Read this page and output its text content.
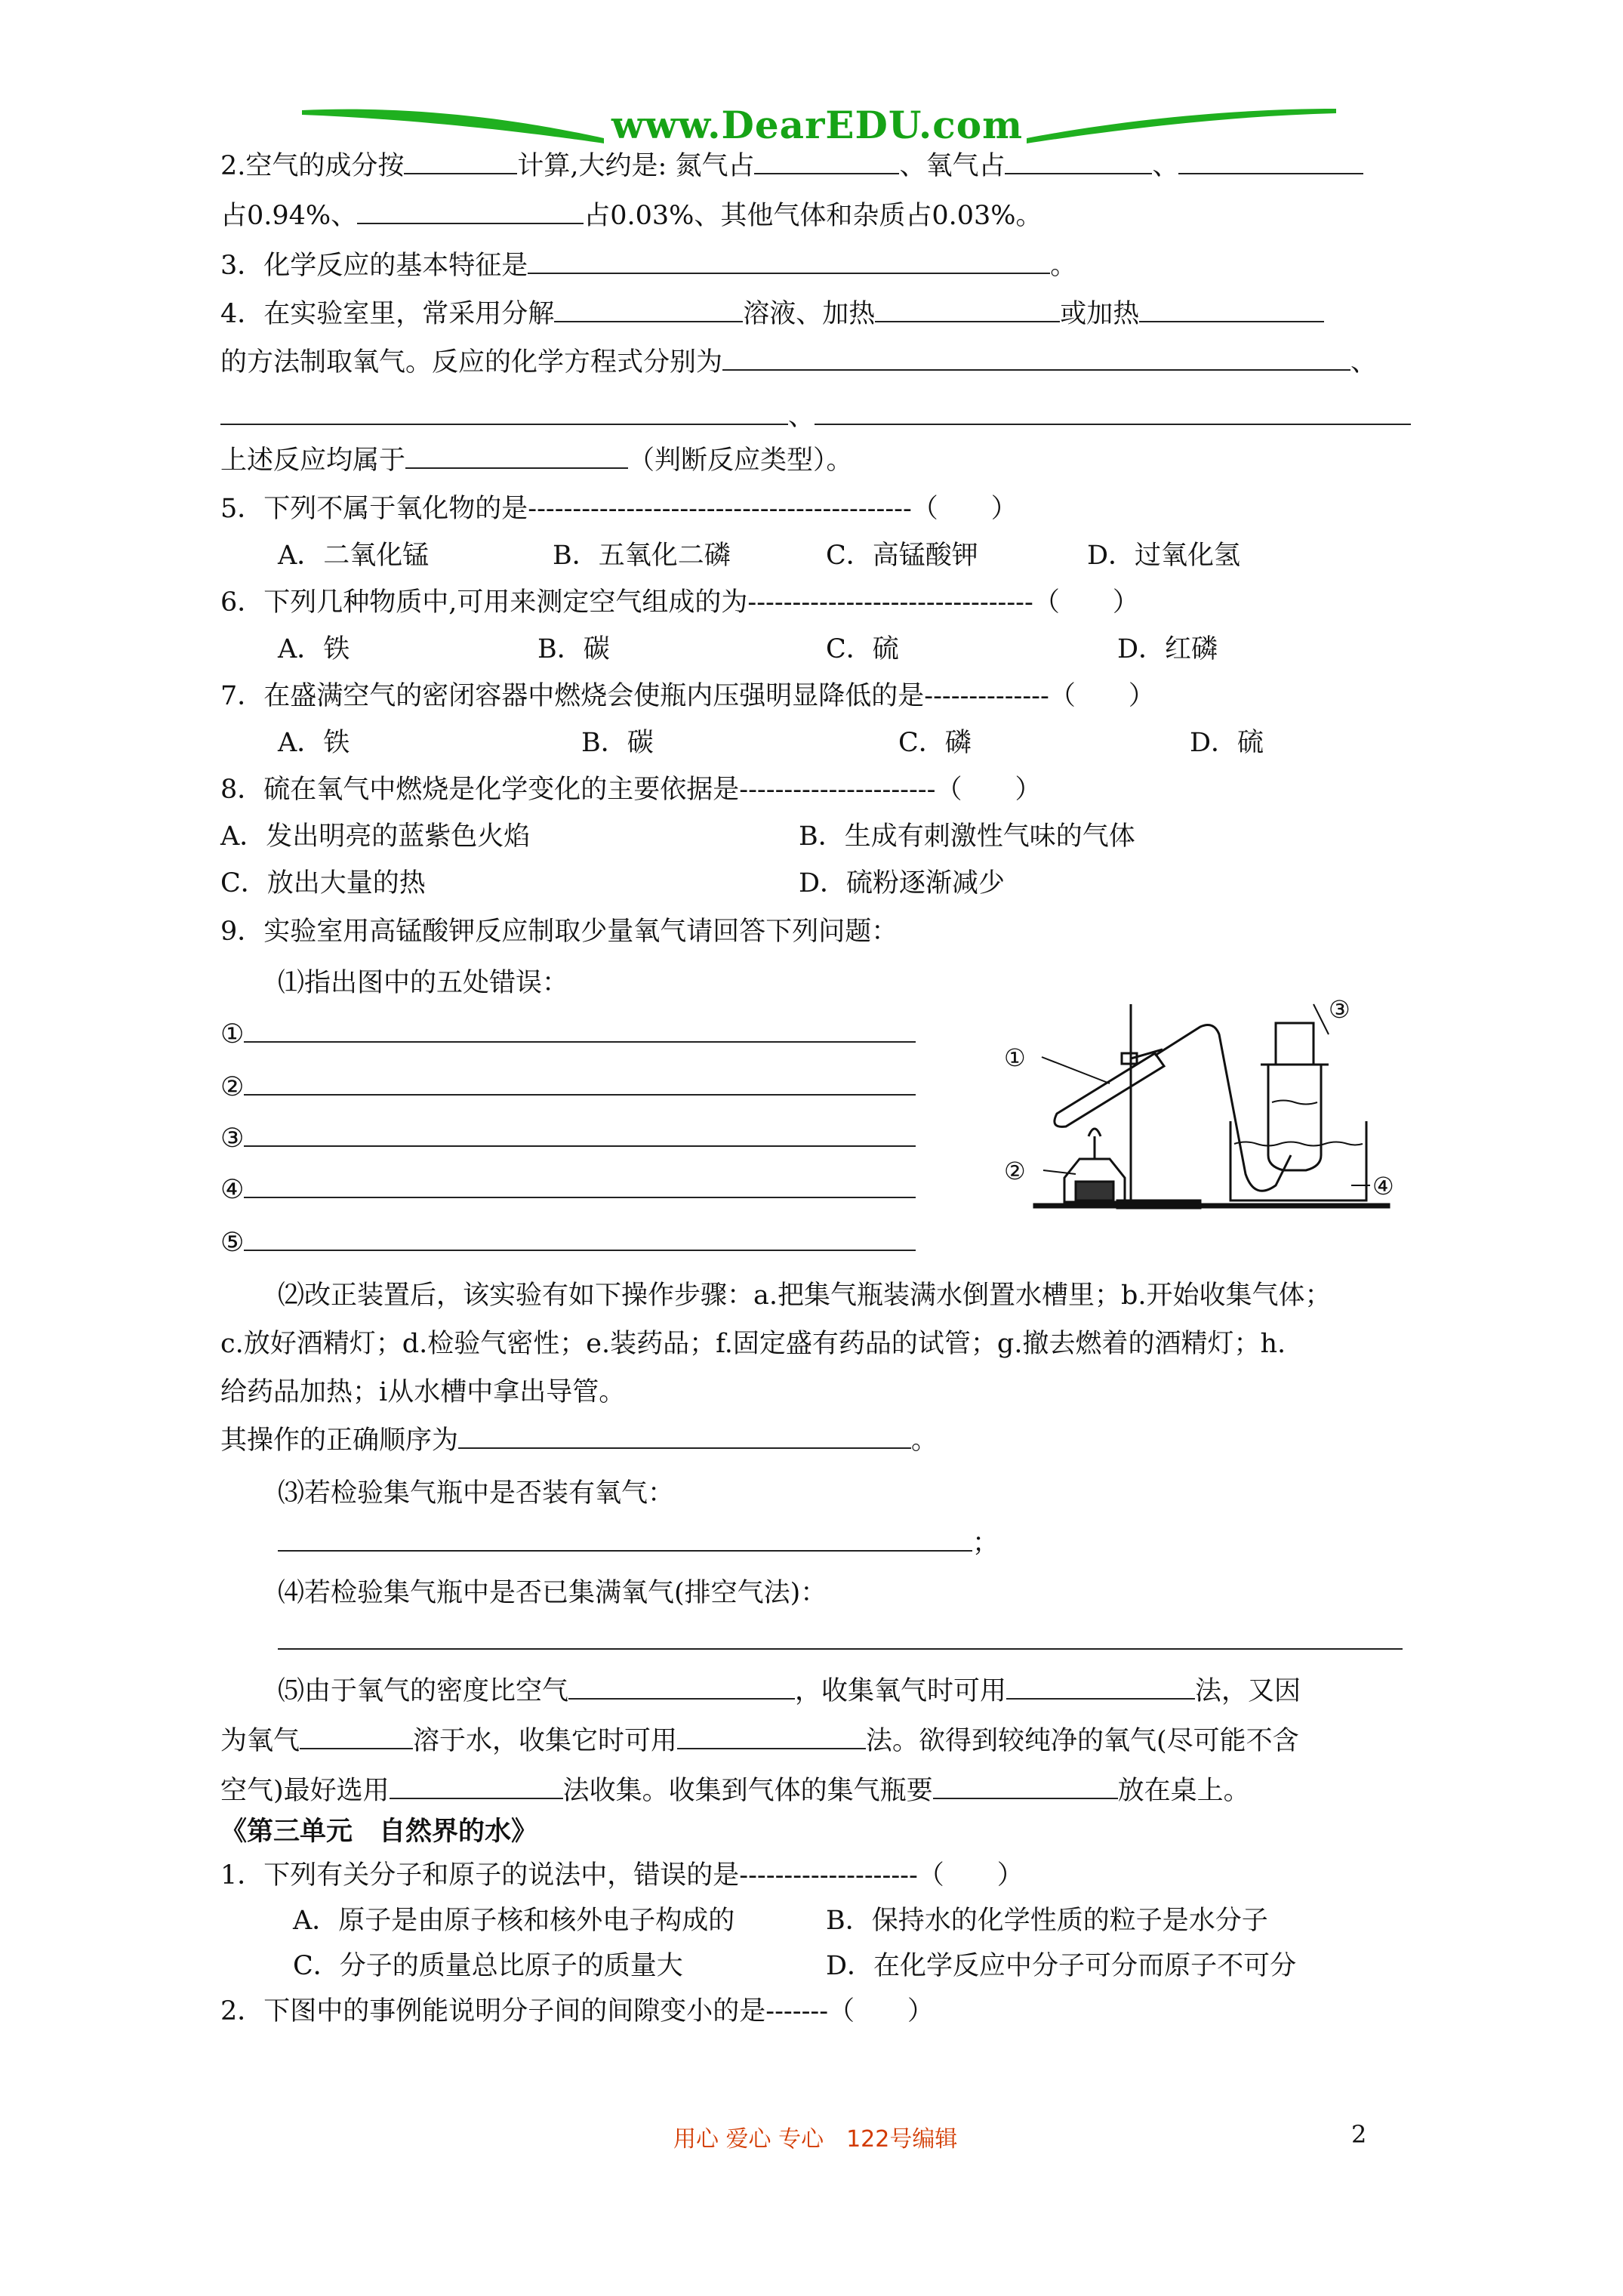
www.DearEDU.com
2.空气的成分按	计算,大约是: 氮气占	、氧气占	、
占0.94%、	占0.03%、其他气体和杂质占0.03%。
3．化学反应的基本特征是	。
4．在实验室里，常采用分解	溶液、加热	或加热
的方法制取氧气。反应的化学方程式分别为	、
、
上述反应均属于	（判断反应类型）。
5．下列不属于氧化物的是-------------------------------------------（　　）
A．二氧化锰	B．五氧化二磷	C．高锰酸钾	D．过氧化氢
6．下列几种物质中,可用来测定空气组成的为--------------------------------（　　）
A．铁	B．碳	C．硫	D．红磷
7．在盛满空气的密闭容器中燃烧会使瓶内压强明显降低的是--------------（　　）
A．铁	B．碳	C．磷	D．硫
8．硫在氧气中燃烧是化学变化的主要依据是----------------------（　　）
A．发出明亮的蓝紫色火焰	B．生成有刺激性气味的气体
C．放出大量的热	D．硫粉逐渐减少
9．实验室用高锰酸钾反应制取少量氧气请回答下列问题：
⑴指出图中的五处错误：
①
②
③
④
⑤
①
②
③
④
⑵改正装置后，该实验有如下操作步骤：a.把集气瓶装满水倒置水槽里；b.开始收集气体；
c.放好酒精灯；d.检验气密性；e.装药品；f.固定盛有药品的试管；g.撤去燃着的酒精灯；h.
给药品加热；i从水槽中拿出导管。
其操作的正确顺序为	。
⑶若检验集气瓶中是否装有氧气：
；
⑷若检验集气瓶中是否已集满氧气(排空气法)：
⑸由于氧气的密度比空气	，收集氧气时可用	法，又因
为氧气	溶于水，收集它时可用	法。欲得到较纯净的氧气(尽可能不含
空气)最好选用	法收集。收集到气体的集气瓶要	放在桌上。
《第三单元　自然界的水》
1．下列有关分子和原子的说法中，错误的是--------------------（　　）
A．原子是由原子核和核外电子构成的	B．保持水的化学性质的粒子是水分子
C．分子的质量总比原子的质量大	D．在化学反应中分子可分而原子不可分
2．下图中的事例能说明分子间的间隙变小的是-------（　　）
用心 爱心 专心　122号编辑	2
